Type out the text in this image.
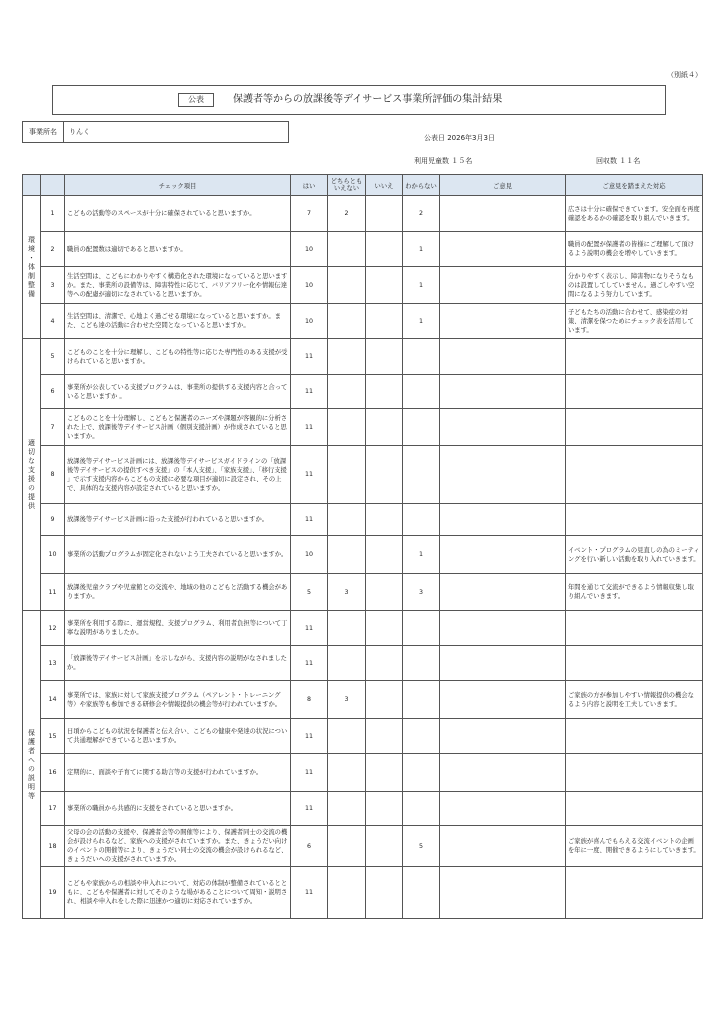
（別紙４）
公表	保護者等からの放課後等デイサービス事業所評価の集計結果
事業所名	りんく
公表日 2026年3月3日
利用児童数 １５名	回収数 １１名
		チェック項目	はい	どちらとも いえない	いいえ	わからない	ご意見	ご意見を踏まえた対応
環境・体制整備	1	こどもの活動等のスペースが十分に確保されていると思いますか。	7	2		2		広さは十分に確保できています。安全面を再度確認をあるかの確認を取り組んでいきます。
	2	職員の配置数は適切であると思いますか。	10			1		職員の配置が保護者の皆様にご理解して頂けるよう説明の機会を増やしていきます。
	3	生活空間は、こどもにわかりやすく構造化された環境になっていると思いますか。また、事業所の設備等は、障害特性に応じて、バリアフリー化や情報伝達等への配慮が適切になされていると思いますか。	10			1		分かりやすく表示し、障害物になりそうなものは設置してしていません。過ごしやすい空間になるよう努力しています。
	4	生活空間は、清潔で、心地よく過ごせる環境になっていると思いますか。また、こども達の活動に合わせた空間となっていると思いますか。	10			1		子どもたちの活動に合わせて、感染症の対策、清潔を保つためにチェック表を活用しています。
適切な支援の提供	5	こどものことを十分に理解し、こどもの特性等に応じた専門性のある支援が受けられていると思いますか。	11					
	6	事業所が公表している支援プログラムは、事業所の提供する支援内容と合っていると思いますか 。	11					
	7	こどものことを十分理解し、こどもと保護者のニーズや課題が客観的に分析された上で、放課後等デイサービス計画（個別支援計画）が作成されていると思いますか。	11					
	8	放課後等デイサービス計画には、放課後等デイサービスガイドラインの「放課後等デイサービスの提供すべき支援」の「本人支援」、「家族支援」、「移行支援 」で示す支援内容からこどもの支援に必要な項目が適切に設定され、その上で、具体的な支援内容が設定されていると思いますか。	11					
	9	放課後等デイサービス計画に沿った支援が行われていると思いますか。	11					
	10	事業所の活動プログラムが固定化されないよう工夫されていると思いますか。	10			1		イベント・プログラムの見直しの為のミーティングを行い新しい活動を取り入れていきます。
	11	放課後児童クラブや児童館との交流や、地域の他のこどもと活動する機会がありますか。	5	3		3		年間を通じて交流ができるよう情報収集し取り組んでいきます。
保護者への説明等	12	事業所を利用する際に、運営規程、支援プログラム、利用者負担等について丁寧な説明がありましたか。	11					
	13	「放課後等デイサービス計画」を示しながら、支援内容の説明がなされましたか。	11					
	14	事業所では、家族に対して家族支援プログラム（ペアレント・トレーニング等）や家族等も参加できる研修会や情報提供の機会等が行われていますか。	8	3				ご家族の方が参加しやすい情報提供の機会なるよう内容と説明を工夫していきます。
	15	日頃からこどもの状況を保護者と伝え合い、こどもの健康や発達の状況について共通理解ができていると思いますか。	11					
	16	定期的に、面談や子育てに関する助言等の支援が行われていますか。	11					
	17	事業所の職員から共感的に支援をされていると思いますか。	11					
	18	父母の会の活動の支援や、保護者会等の開催等により、保護者同士の交流の機会が設けられるなど、家族への支援がされていますか。また、きょうだい向けのイベントの開催等により、きょうだい同士の交流の機会が設けられるなど、きょうだいへの支援がされていますか。	6			5		ご家族が喜んでもらえる交流イベントの企画を年に一度、開催できるようにしていきます。
	19	こどもや家族からの相談や申入れについて、対応の体制が整備されているとともに、こどもや保護者に対してそのような場があることについて周知・説明され、相談や申入れをした際に迅速かつ適切に対応されていますか。	11					
